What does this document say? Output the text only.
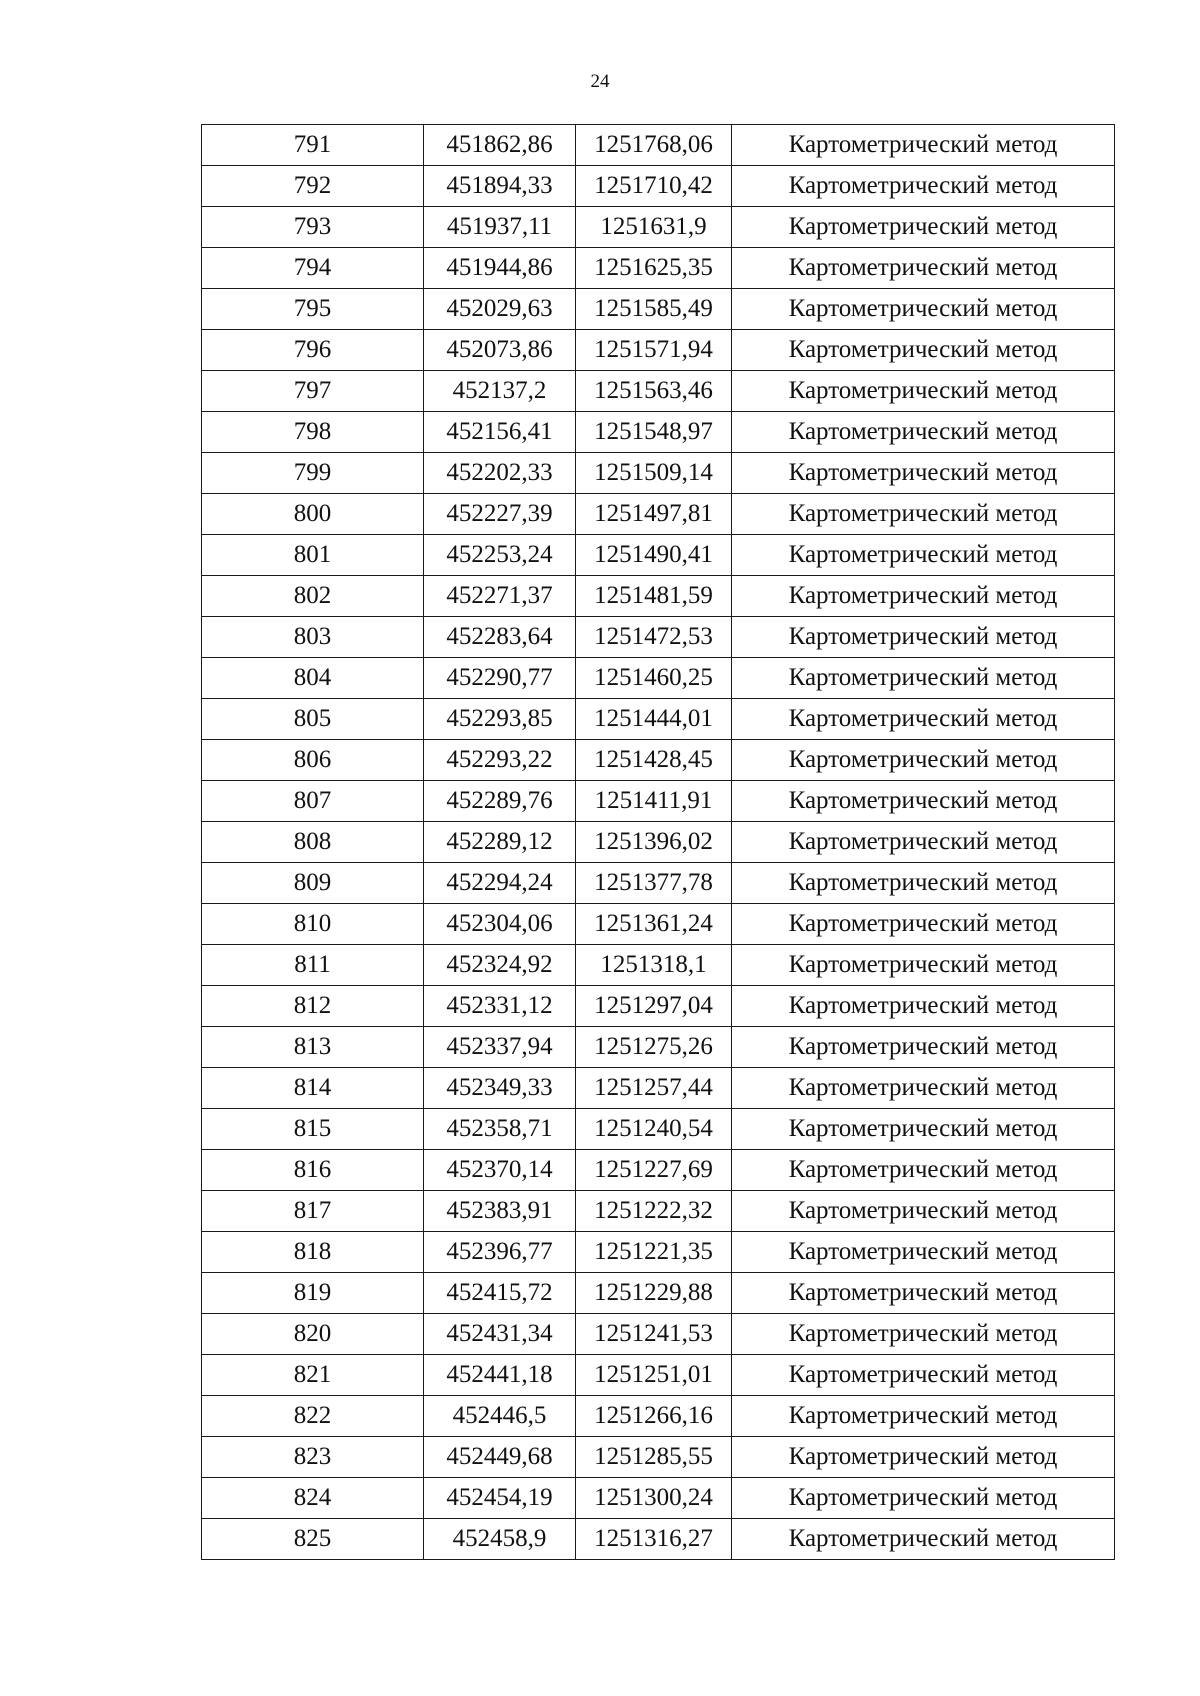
24
791	451862,86	1251768,06	Картометрический метод
792	451894,33	1251710,42	Картометрический метод
793	451937,11	1251631,9	Картометрический метод
794	451944,86	1251625,35	Картометрический метод
795	452029,63	1251585,49	Картометрический метод
796	452073,86	1251571,94	Картометрический метод
797	452137,2	1251563,46	Картометрический метод
798	452156,41	1251548,97	Картометрический метод
799	452202,33	1251509,14	Картометрический метод
800	452227,39	1251497,81	Картометрический метод
801	452253,24	1251490,41	Картометрический метод
802	452271,37	1251481,59	Картометрический метод
803	452283,64	1251472,53	Картометрический метод
804	452290,77	1251460,25	Картометрический метод
805	452293,85	1251444,01	Картометрический метод
806	452293,22	1251428,45	Картометрический метод
807	452289,76	1251411,91	Картометрический метод
808	452289,12	1251396,02	Картометрический метод
809	452294,24	1251377,78	Картометрический метод
810	452304,06	1251361,24	Картометрический метод
811	452324,92	1251318,1	Картометрический метод
812	452331,12	1251297,04	Картометрический метод
813	452337,94	1251275,26	Картометрический метод
814	452349,33	1251257,44	Картометрический метод
815	452358,71	1251240,54	Картометрический метод
816	452370,14	1251227,69	Картометрический метод
817	452383,91	1251222,32	Картометрический метод
818	452396,77	1251221,35	Картометрический метод
819	452415,72	1251229,88	Картометрический метод
820	452431,34	1251241,53	Картометрический метод
821	452441,18	1251251,01	Картометрический метод
822	452446,5	1251266,16	Картометрический метод
823	452449,68	1251285,55	Картометрический метод
824	452454,19	1251300,24	Картометрический метод
825	452458,9	1251316,27	Картометрический метод
